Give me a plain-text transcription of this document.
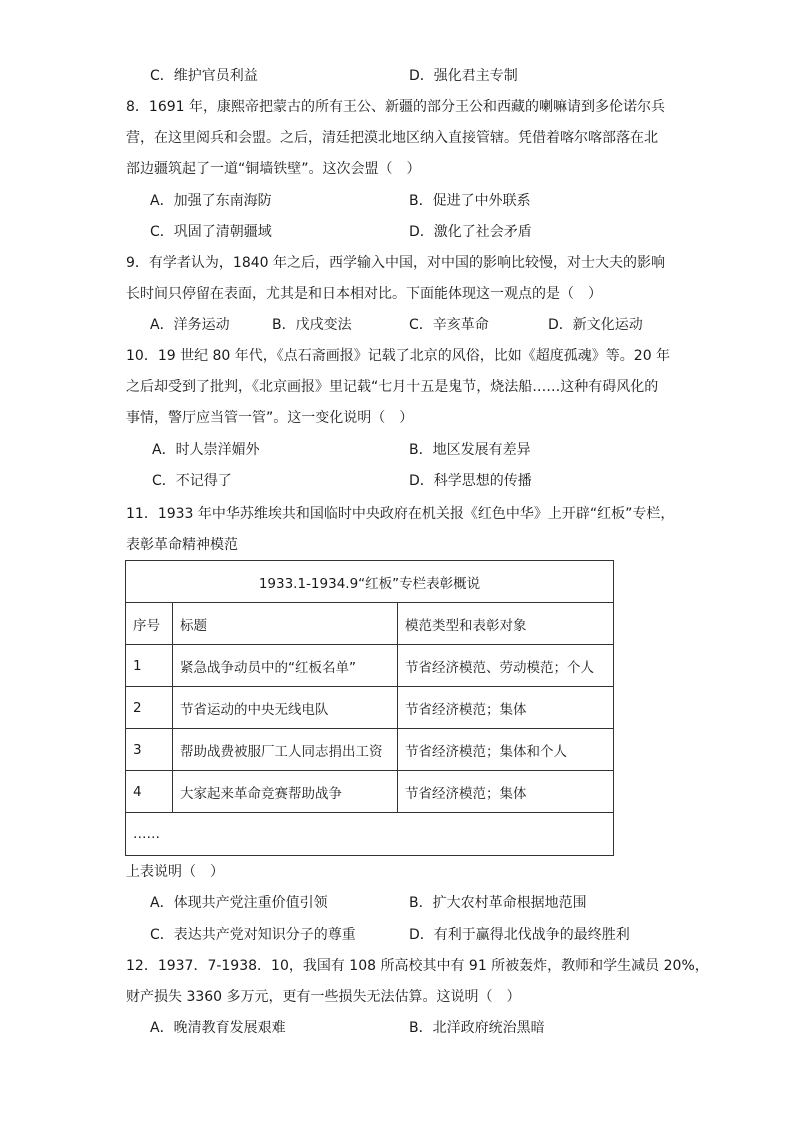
C．维护官员利益	D．强化君主专制
8．1691 年，康熙帝把蒙古的所有王公、新疆的部分王公和西藏的喇嘛请到多伦诺尔兵
营，在这里阅兵和会盟。之后，清廷把漠北地区纳入直接管辖。凭借着喀尔喀部落在北
部边疆筑起了一道“铜墙铁壁”。这次会盟（　）
A．加强了东南海防	B．促进了中外联系
C．巩固了清朝疆域	D．激化了社会矛盾
9．有学者认为，1840 年之后，西学输入中国，对中国的影响比较慢，对士大夫的影响
长时间只停留在表面，尤其是和日本相对比。下面能体现这一观点的是（　）
A．洋务运动	B．戊戌变法	C．辛亥革命	D．新文化运动
10．19 世纪 80 年代，《点石斋画报》记载了北京的风俗，比如《超度孤魂》等。20 年
之后却受到了批判，《北京画报》里记载“七月十五是鬼节，烧法船……这种有碍风化的
事情，警厅应当管一管”。这一变化说明（　）
A．时人崇洋媚外	B．地区发展有差异
C．不记得了	D．科学思想的传播
11．1933 年中华苏维埃共和国临时中央政府在机关报《红色中华》上开辟“红板”专栏，
表彰革命精神模范
1933.1-1934.9“红板”专栏表彰概说		
序号	标题	模范类型和表彰对象
1	紧急战争动员中的“红板名单”	节省经济模范、劳动模范；个人
2	节省运动的中央无线电队	节省经济模范；集体
3	帮助战费被服厂工人同志捐出工资	节省经济模范；集体和个人
4	大家起来革命竞赛帮助战争	节省经济模范；集体
……		
上表说明（　）
A．体现共产党注重价值引领	B．扩大农村革命根据地范围
C．表达共产党对知识分子的尊重	D．有利于赢得北伐战争的最终胜利
12．1937．7-1938．10，我国有 108 所高校其中有 91 所被轰炸，教师和学生减员 20%，
财产损失 3360 多万元，更有一些损失无法估算。这说明（　）
A．晚清教育发展艰难	B．北洋政府统治黑暗
